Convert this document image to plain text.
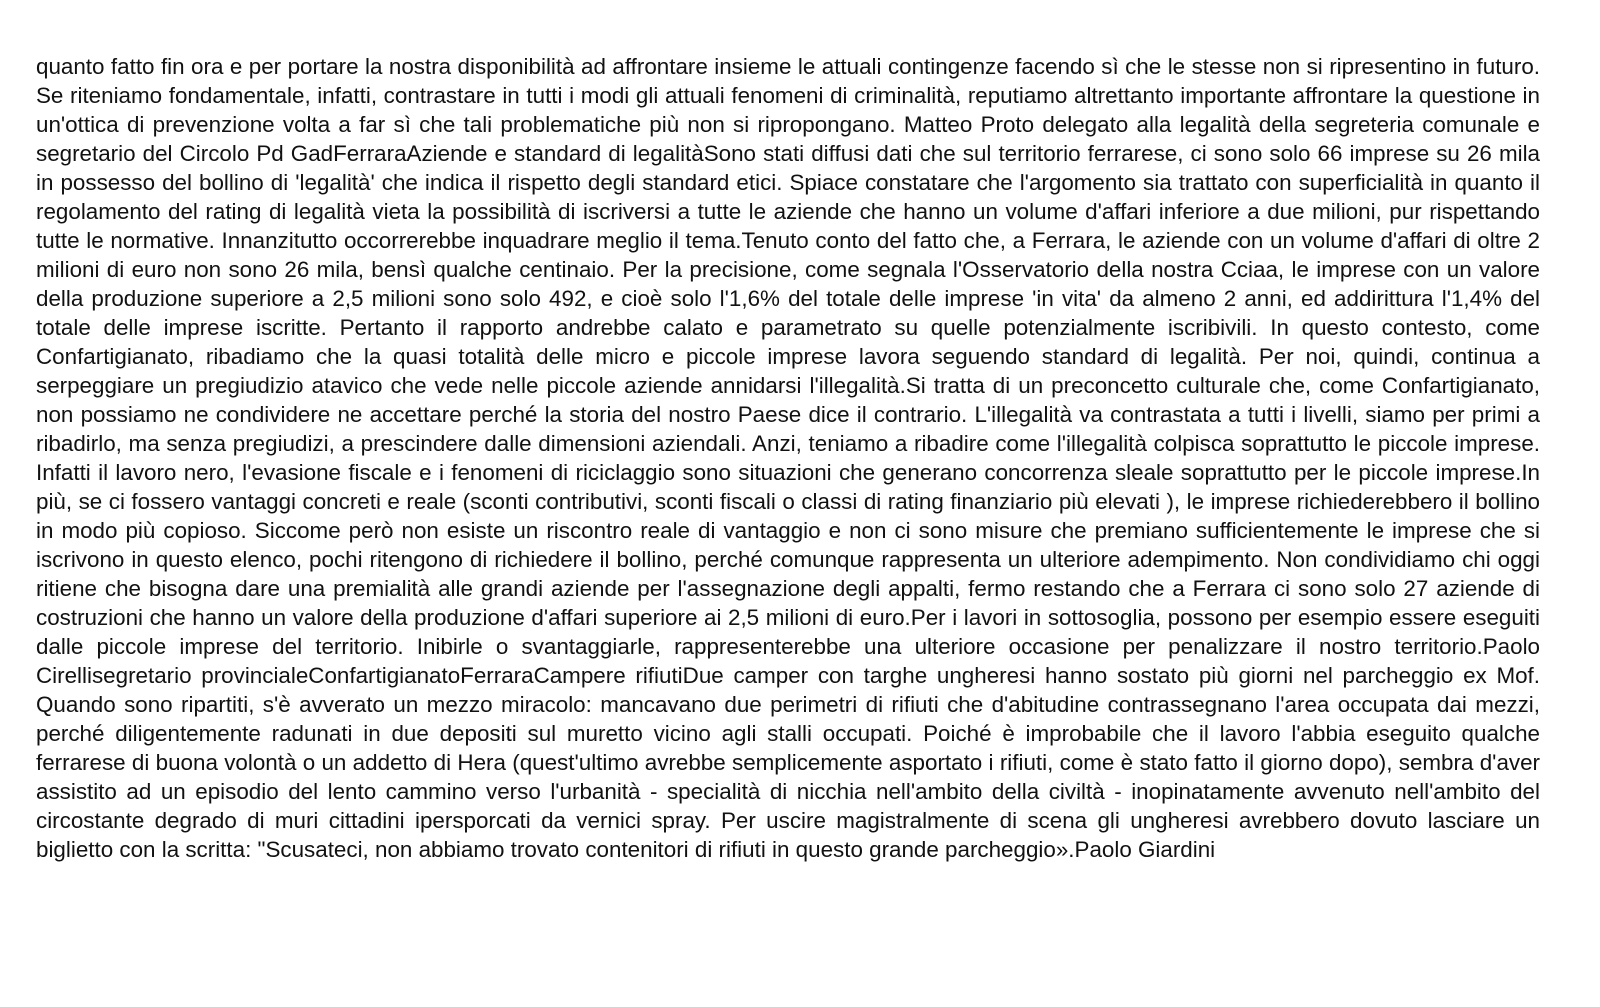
quanto fatto fin ora e per portare la nostra disponibilità ad affrontare insieme le attuali contingenze facendo sì che le stesse non si ripresentino in futuro. Se riteniamo fondamentale, infatti, contrastare in tutti i modi gli attuali fenomeni di criminalità, reputiamo altrettanto importante affrontare la questione in un'ottica di prevenzione volta a far sì che tali problematiche più non si ripropongano. Matteo Proto delegato alla legalità della segreteria comunale e segretario del Circolo Pd GadFerraraAziende e standard di legalitàSono stati diffusi dati che sul territorio ferrarese, ci sono solo 66 imprese su 26 mila in possesso del bollino di 'legalità' che indica il rispetto degli standard etici. Spiace constatare che l'argomento sia trattato con superficialità in quanto il regolamento del rating di legalità vieta la possibilità di iscriversi a tutte le aziende che hanno un volume d'affari inferiore a due milioni, pur rispettando tutte le normative. Innanzitutto occorrerebbe inquadrare meglio il tema.Tenuto conto del fatto che, a Ferrara, le aziende con un volume d'affari di oltre 2 milioni di euro non sono 26 mila, bensì qualche centinaio. Per la precisione, come segnala l'Osservatorio della nostra Cciaa, le imprese con un valore della produzione superiore a 2,5 milioni sono solo 492, e cioè solo l'1,6% del totale delle imprese 'in vita' da almeno 2 anni, ed addirittura l'1,4% del totale delle imprese iscritte. Pertanto il rapporto andrebbe calato e parametrato su quelle potenzialmente iscribivili. In questo contesto, come Confartigianato, ribadiamo che la quasi totalità delle micro e piccole imprese lavora seguendo standard di legalità. Per noi, quindi, continua a serpeggiare un pregiudizio atavico che vede nelle piccole aziende annidarsi l'illegalità.Si tratta di un preconcetto culturale che, come Confartigianato, non possiamo ne condividere ne accettare perché la storia del nostro Paese dice il contrario. L'illegalità va contrastata a tutti i livelli, siamo per primi a ribadirlo, ma senza pregiudizi, a prescindere dalle dimensioni aziendali. Anzi, teniamo a ribadire come l'illegalità colpisca soprattutto le piccole imprese. Infatti il lavoro nero, l'evasione fiscale e i fenomeni di riciclaggio sono situazioni che generano concorrenza sleale soprattutto per le piccole imprese.In più, se ci fossero vantaggi concreti e reale (sconti contributivi, sconti fiscali o classi di rating finanziario più elevati ), le imprese richiederebbero il bollino in modo più copioso. Siccome però non esiste un riscontro reale di vantaggio e non ci sono misure che premiano sufficientemente le imprese che si iscrivono in questo elenco, pochi ritengono di richiedere il bollino, perché comunque rappresenta un ulteriore adempimento. Non condividiamo chi oggi ritiene che bisogna dare una premialità alle grandi aziende per l'assegnazione degli appalti, fermo restando che a Ferrara ci sono solo 27 aziende di costruzioni che hanno un valore della produzione d'affari superiore ai 2,5 milioni di euro.Per i lavori in sottosoglia, possono per esempio essere eseguiti dalle piccole imprese del territorio. Inibirle o svantaggiarle, rappresenterebbe una ulteriore occasione per penalizzare il nostro territorio.Paolo Cirellisegretario provincialeConfartigianatoFerraraCampere rifiutiDue camper con targhe ungheresi hanno sostato più giorni nel parcheggio ex Mof. Quando sono ripartiti, s'è avverato un mezzo miracolo: mancavano due perimetri di rifiuti che d'abitudine contrassegnano l'area occupata dai mezzi, perché diligentemente radunati in due depositi sul muretto vicino agli stalli occupati. Poiché è improbabile che il lavoro l'abbia eseguito qualche ferrarese di buona volontà o un addetto di Hera (quest'ultimo avrebbe semplicemente asportato i rifiuti, come è stato fatto il giorno dopo), sembra d'aver assistito ad un episodio del lento cammino verso l'urbanità - specialità di nicchia nell'ambito della civiltà - inopinatamente avvenuto nell'ambito del circostante degrado di muri cittadini ipersporcati da vernici spray. Per uscire magistralmente di scena gli ungheresi avrebbero dovuto lasciare un biglietto con la scritta: "Scusateci, non abbiamo trovato contenitori di rifiuti in questo grande parcheggio».Paolo Giardini
